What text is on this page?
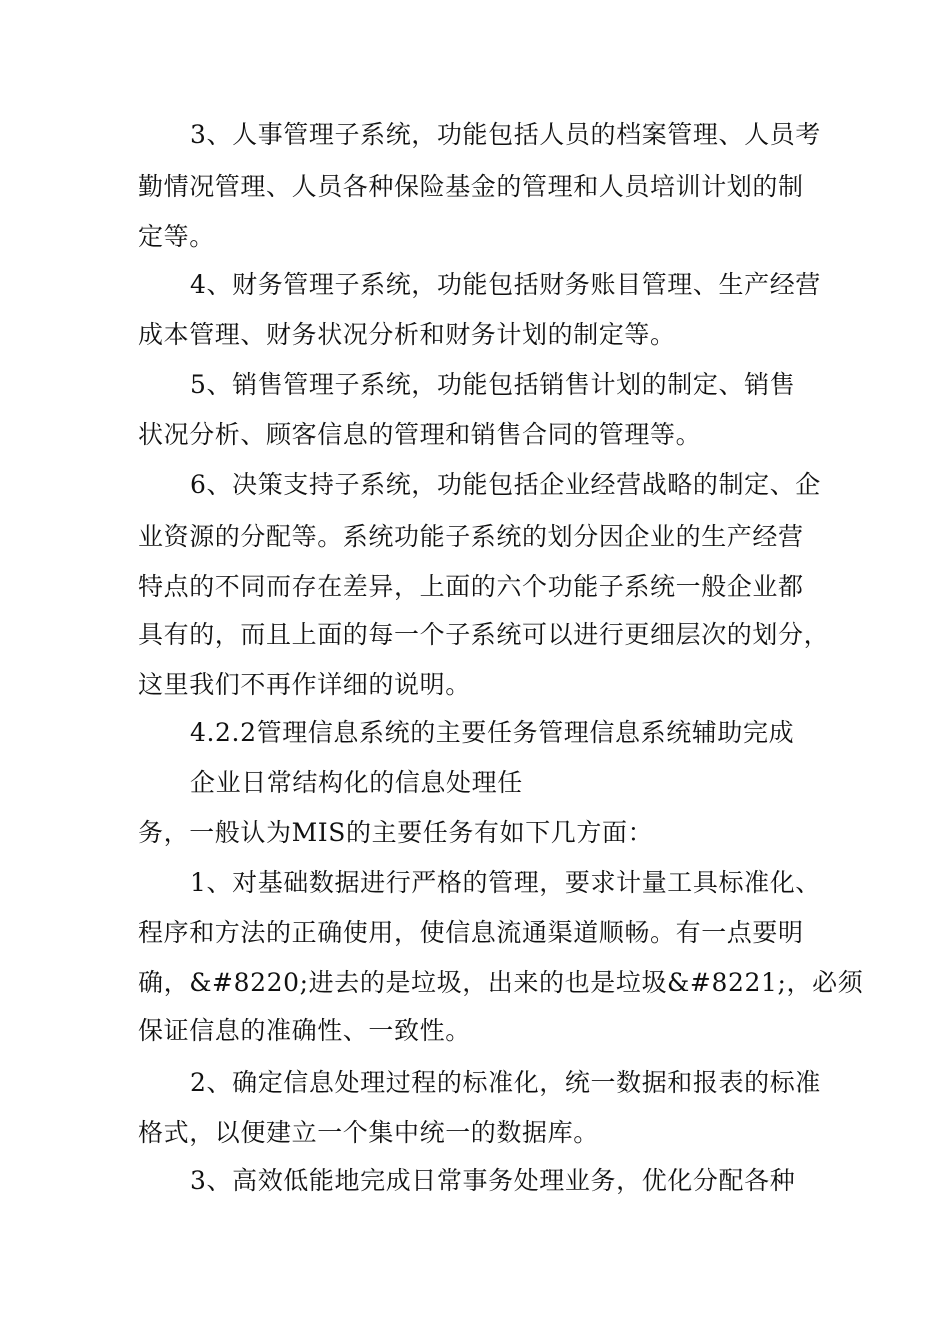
3、人事管理子系统，功能包括人员的档案管理、人员考
勤情况管理、人员各种保险基金的管理和人员培训计划的制
定等。
4、财务管理子系统，功能包括财务账目管理、生产经营
成本管理、财务状况分析和财务计划的制定等。
5、销售管理子系统，功能包括销售计划的制定、销售
状况分析、顾客信息的管理和销售合同的管理等。
6、决策支持子系统，功能包括企业经营战略的制定、企
业资源的分配等。系统功能子系统的划分因企业的生产经营
特点的不同而存在差异，上面的六个功能子系统一般企业都
具有的，而且上面的每一个子系统可以进行更细层次的划分，
这里我们不再作详细的说明。
4.2.2管理信息系统的主要任务管理信息系统辅助完成
企业日常结构化的信息处理任
务，一般认为MIS的主要任务有如下几方面：
1、对基础数据进行严格的管理，要求计量工具标准化、
程序和方法的正确使用，使信息流通渠道顺畅。有一点要明
确，&#8220;进去的是垃圾，出来的也是垃圾&#8221;，必须
保证信息的准确性、一致性。
2、确定信息处理过程的标准化，统一数据和报表的标准
格式，以便建立一个集中统一的数据库。
3、高效低能地完成日常事务处理业务，优化分配各种
